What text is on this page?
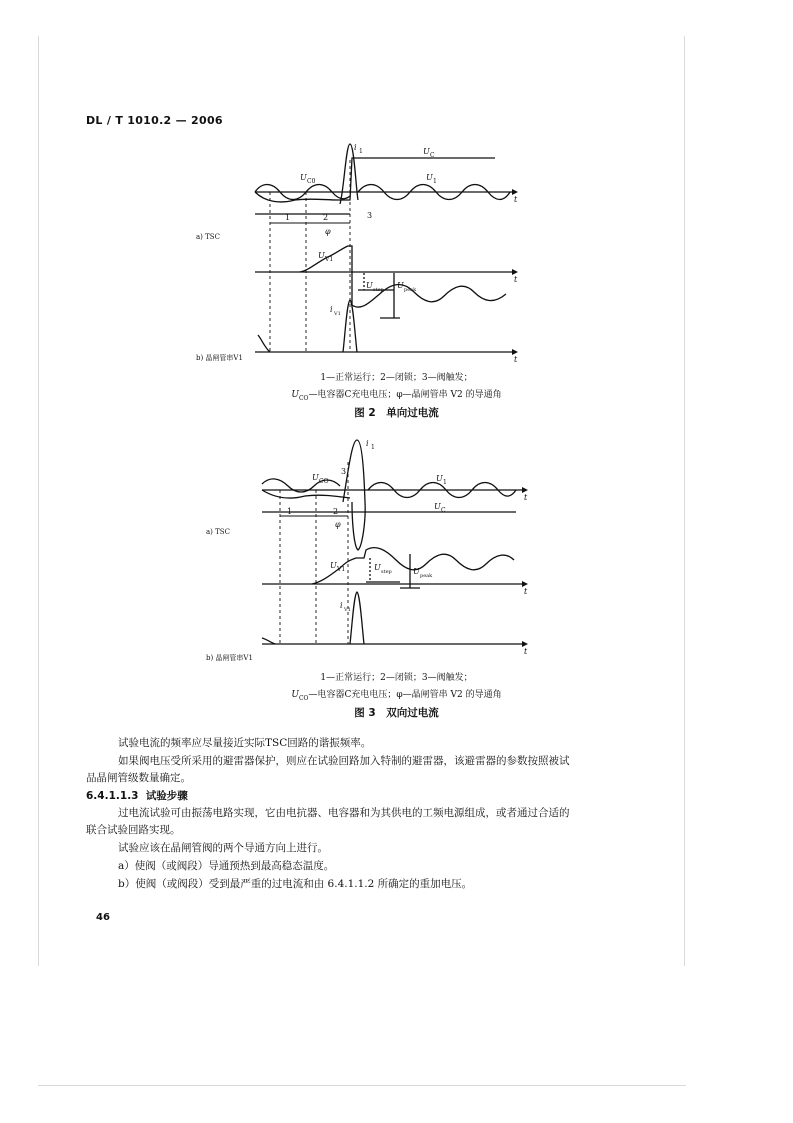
DL / T 1010.2 — 2006
i 1	U C
U 1
U C0
t
1	2	3
φ
U V1
U step U peak
t
i V1
t
a) TSC
b) 晶闸管串V1
1—正常运行；2—闭锁；3—阀触发；
$U_{CO}—$电容器C充电电压；φ—晶闸管串 V2 的导通角
图 2　单向过电流
i 1
U 1
U C
U CO
t
1	2
3
φ
U V1	U step	U peak
t
i V1
t
a) TSC
b) 晶闸管串V1
1—正常运行；2—闭锁；3—阀触发；
$U_{CO}—$电容器C充电电压；φ—晶闸管串 V2 的导通角
图 3　双向过电流
试验电流的频率应尽量接近实际TSC回路的谐振频率。
如果阀电压受所采用的避雷器保护，则应在试验回路加入特制的避雷器，该避雷器的参数按照被试
品晶闸管级数量确定。
6.4.1.1.3 试验步骤
过电流试验可由振荡电路实现，它由电抗器、电容器和为其供电的工频电源组成，或者通过合适的
联合试验回路实现。
试验应该在晶闸管阀的两个导通方向上进行。
a）使阀（或阀段）导通预热到最高稳态温度。
b）使阀（或阀段）受到最严重的过电流和由 6.4.1.1.2 所确定的重加电压。
46
